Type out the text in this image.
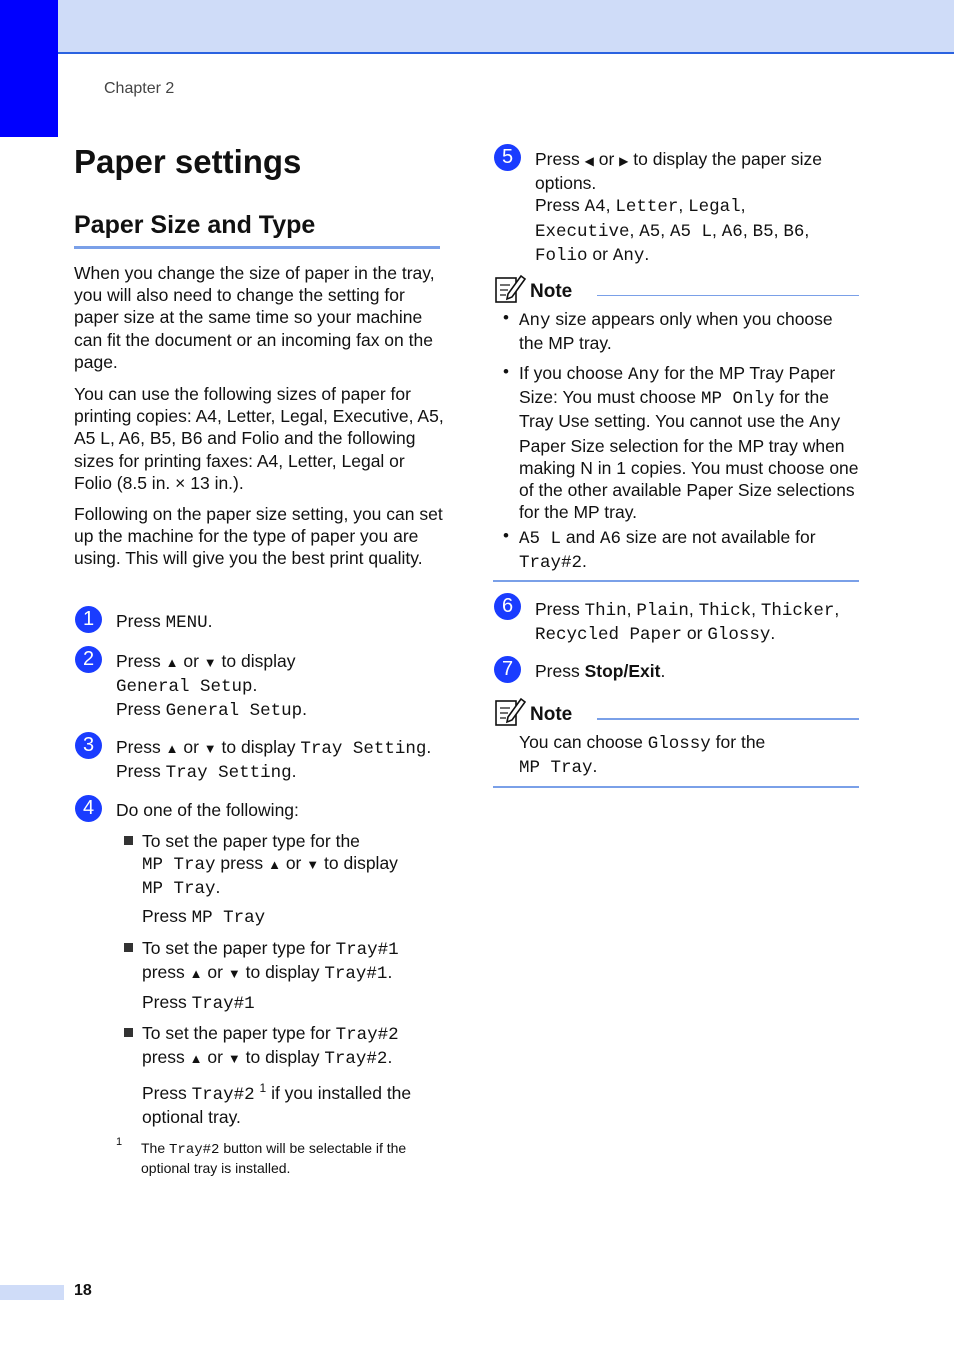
Chapter 2
Paper settings
Paper Size and Type

When you change the size of paper in the tray, you will also need to change the setting for paper size at the same time so your machine can fit the document or an incoming fax on the page.

You can use the following sizes of paper for printing copies: A4, Letter, Legal, Executive, A5, A5 L, A6, B5, B6 and Folio and the following sizes for printing faxes: A4, Letter, Legal or Folio (8.5 in. × 13 in.).

Following on the paper size setting, you can set up the machine for the type of paper you are using. This will give you the best print quality.

1	Press MENU.
2	Press ▲ or ▼ to display
General Setup.
Press General Setup.
3	Press ▲ or ▼ to display Tray Setting.
Press Tray Setting.
4	Do one of the following:
To set the paper type for the
MP Tray press ▲ or ▼ to display
MP Tray.
Press MP Tray
To set the paper type for Tray#1
press ▲ or ▼ to display Tray#1.
Press Tray#1
To set the paper type for Tray#2
press ▲ or ▼ to display Tray#2.
Press Tray#2 $^1$ if you installed the optional tray.
1 The Tray#2 button will be selectable if the optional tray is installed.
5	Press ◀ or ▶ to display the paper size options.
Press A4, Letter, Legal,
Executive, A5, A5 L, A6, B5, B6,
Folio or Any.
Note
• Any size appears only when you choose the MP tray.
• If you choose Any for the MP Tray Paper Size: You must choose MP Only for the Tray Use setting. You cannot use the Any Paper Size selection for the MP tray when making N in 1 copies. You must choose one of the other available Paper Size selections for the MP tray.
• A5 L and A6 size are not available for
Tray#2.
6	Press Thin, Plain, Thick, Thicker,
Recycled Paper or Glossy.
7	Press Stop/Exit.
Note
You can choose Glossy for the
MP Tray.
18
